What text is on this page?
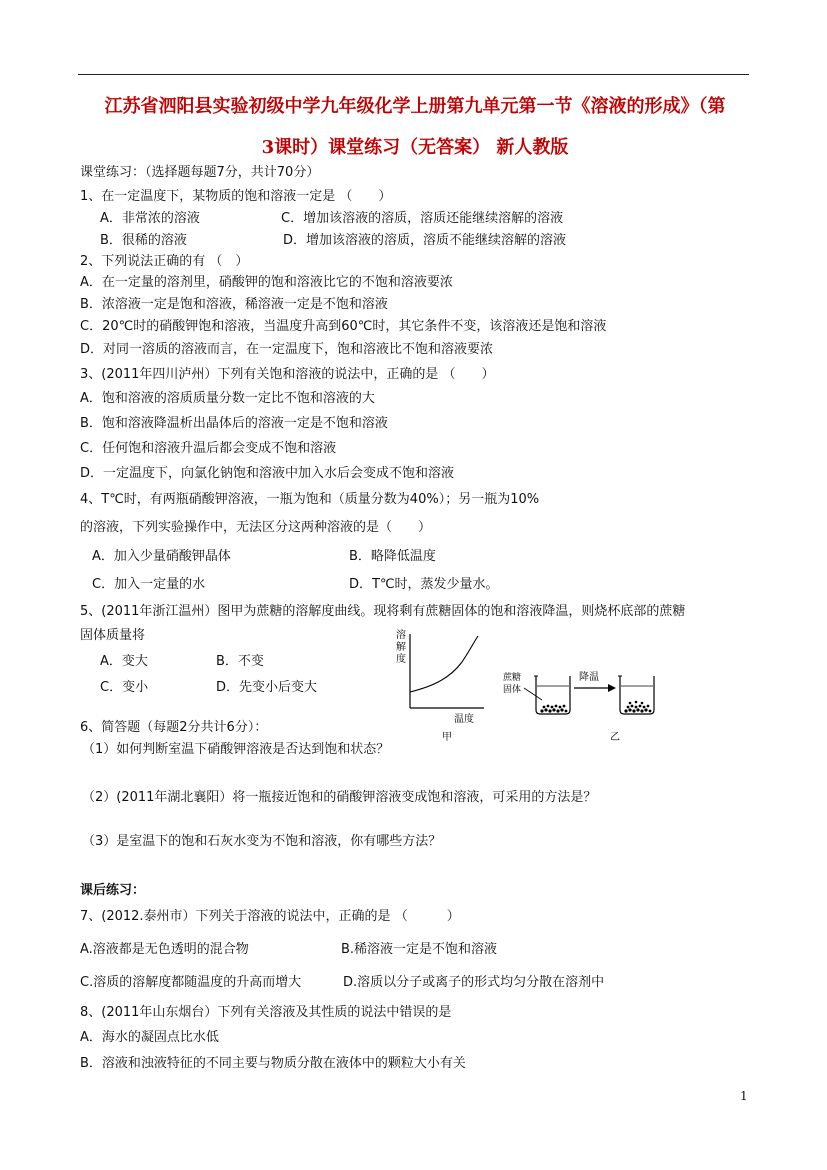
江苏省泗阳县实验初级中学九年级化学上册第九单元第一节《溶液的形成》（第
3课时）课堂练习（无答案） 新人教版
课堂练习：（选择题每题7分，共计70分）
1、在一定温度下，某物质的饱和溶液一定是 （　　）
A．非常浓的溶液	C．增加该溶液的溶质，溶质还能继续溶解的溶液
B．很稀的溶液	D．增加该溶液的溶质，溶质不能继续溶解的溶液
2、下列说法正确的有 （　）
A．在一定量的溶剂里，硝酸钾的饱和溶液比它的不饱和溶液要浓
B．浓溶液一定是饱和溶液，稀溶液一定是不饱和溶液
C．20℃时的硝酸钾饱和溶液，当温度升高到60℃时，其它条件不变，该溶液还是饱和溶液
D．对同一溶质的溶液而言，在一定温度下，饱和溶液比不饱和溶液要浓
3、(2011年四川泸州）下列有关饱和溶液的说法中，正确的是 （　　）
A．饱和溶液的溶质质量分数一定比不饱和溶液的大
B．饱和溶液降温析出晶体后的溶液一定是不饱和溶液
C．任何饱和溶液升温后都会变成不饱和溶液
D．一定温度下，向氯化钠饱和溶液中加入水后会变成不饱和溶液
4、T℃时，有两瓶硝酸钾溶液，一瓶为饱和（质量分数为40%）；另一瓶为10%
的溶液，下列实验操作中，无法区分这两种溶液的是（　　）
A．加入少量硝酸钾晶体	B．略降低温度
C．加入一定量的水	D．T℃时，蒸发少量水。
5、(2011年浙江温州）图甲为蔗糖的溶解度曲线。现将剩有蔗糖固体的饱和溶液降温，则烧杯底部的蔗糖
固体质量将
A．变大	B．不变
C．变小	D．先变小后变大
溶
解
度
温度
甲
蔗糖
固体
降温
乙
6、简答题（每题2分共计6分）：
（1）如何判断室温下硝酸钾溶液是否达到饱和状态？
（2）(2011年湖北襄阳）将一瓶接近饱和的硝酸钾溶液变成饱和溶液，可采用的方法是？
（3）是室温下的饱和石灰水变为不饱和溶液，你有哪些方法？
课后练习：
7、(2012.泰州市）下列关于溶液的说法中，正确的是 （　　　）
A.溶液都是无色透明的混合物	B.稀溶液一定是不饱和溶液
C.溶质的溶解度都随温度的升高而增大	D.溶质以分子或离子的形式均匀分散在溶剂中
8、(2011年山东烟台）下列有关溶液及其性质的说法中错误的是
A．海水的凝固点比水低
B．溶液和浊液特征的不同主要与物质分散在液体中的颗粒大小有关
1
